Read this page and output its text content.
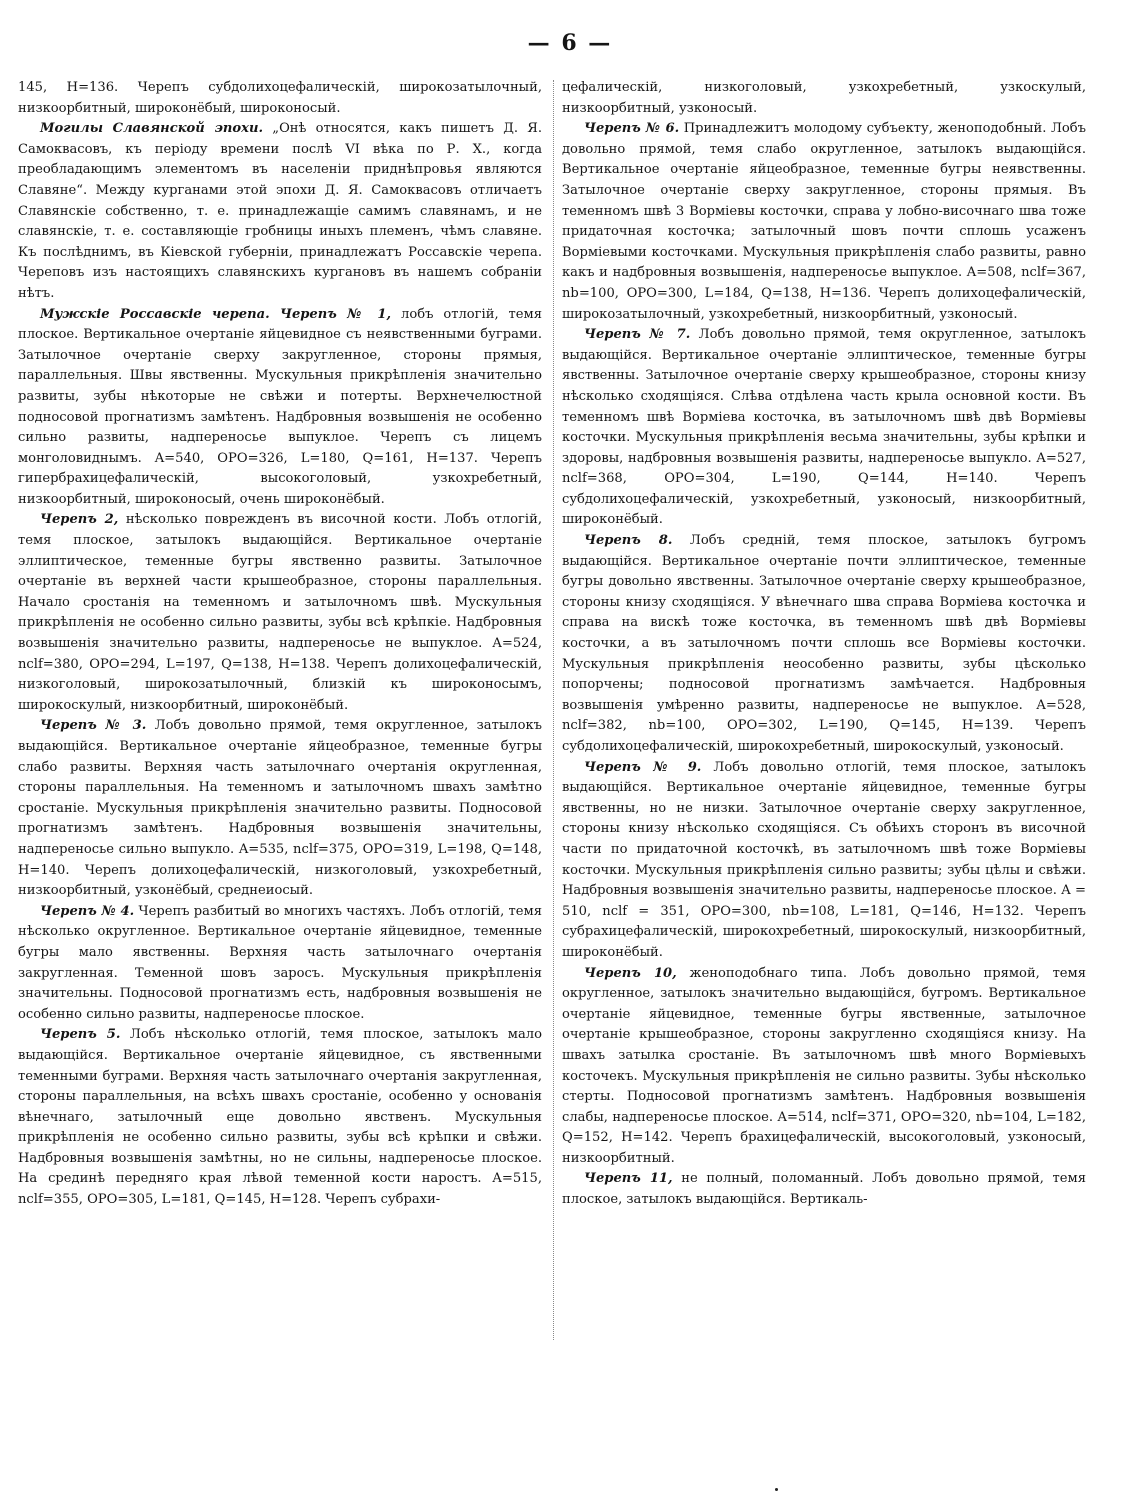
— 6 —

145, H=136. Черепъ субдолихоцефалическій, широкозатылочный, низкоорбитный, широконёбый, широконосый.

Могилы Славянской эпохи. „Онѣ относятся, какъ пишетъ Д. Я. Самоквасовъ, къ періоду времени послѣ VI вѣка по Р. Х., когда преобладающимъ элементомъ въ населеніи приднѣпровья являются Славяне“. Между курганами этой эпохи Д. Я. Самоквасовъ отличаетъ Славянскіе собственно, т. е. принадлежащіе самимъ славянамъ, и не славянскіе, т. е. составляющіе гробницы иныхъ племенъ, чѣмъ славяне. Къ послѣднимъ, въ Кіевской губерніи, принадлежатъ Россавскіе черепа. Череповъ изъ настоящихъ славянскихъ кургановъ въ нашемъ собраніи нѣтъ.

Мужскіе Россавскіе черепа. Черепъ № 1, лобъ отлогій, темя плоское. Вертикальное очертаніе яйцевидное съ неявственными буграми. Затылочное очертаніе сверху закругленное, стороны прямыя, параллельныя. Швы явственны. Мускульныя прикрѣпленія значительно развиты, зубы нѣкоторые не свѣжи и потерты. Верхнечелюстной подносовой прогнатизмъ замѣтенъ. Надбровныя возвышенія не особенно сильно развиты, надпереносье выпуклое. Черепъ съ лицемъ монголовиднымъ. A=540, OPO=326, L=180, Q=161, H=137. Черепъ гипербрахицефалическій, высокоголовый, узкохребетный, низкоорбитный, широконосый, очень широконёбый.

Черепъ 2, нѣсколько поврежденъ въ височной кости. Лобъ отлогій, темя плоское, затылокъ выдающійся. Вертикальное очертаніе эллиптическое, теменные бугры явственно развиты. Затылочное очертаніе въ верхней части крышеобразное, стороны параллельныя. Начало сростанія на теменномъ и затылочномъ швѣ. Мускульныя прикрѣпленія не особенно сильно развиты, зубы всѣ крѣпкіе. Надбровныя возвышенія значительно развиты, надпереносье не выпуклое. A=524, nclf=380, OPO=294, L=197, Q=138, H=138. Черепъ долихоцефалическій, низкоголовый, широкозатылочный, близкій къ широконосымъ, широкоскулый, низкоорбитный, широконёбый.

Черепъ № 3. Лобъ довольно прямой, темя округленное, затылокъ выдающійся. Вертикальное очертаніе яйцеобразное, теменные бугры слабо развиты. Верхняя часть затылочнаго очертанія округленная, стороны параллельныя. На теменномъ и затылочномъ швахъ замѣтно сростаніе. Мускульныя прикрѣпленія значительно развиты. Подносовой прогнатизмъ замѣтенъ. Надбровныя возвышенія значительны, надпереносье сильно выпукло. A=535, nclf=375, OPO=319, L=198, Q=148, H=140. Черепъ долихоцефалическій, низкоголовый, узкохребетный, низкоорбитный, узконёбый, среднеиосый.

Черепъ № 4. Черепъ разбитый во многихъ частяхъ. Лобъ отлогій, темя нѣсколько округленное. Вертикальное очертаніе яйцевидное, теменные бугры мало явственны. Верхняя часть затылочнаго очертанія закругленная. Теменной шовъ заросъ. Мускульныя прикрѣпленія значительны. Подносовой прогнатизмъ есть, надбровныя возвышенія не особенно сильно развиты, надпереносье плоское.

Черепъ 5. Лобъ нѣсколько отлогій, темя плоское, затылокъ мало выдающійся. Вертикальное очертаніе яйцевидное, съ явственными теменными буграми. Верхняя часть затылочнаго очертанія закругленная, стороны параллельныя, на всѣхъ швахъ сростаніе, особенно у основанія вѣнечнаго, затылочный еще довольно явственъ. Мускульныя прикрѣпленія не особенно сильно развиты, зубы всѣ крѣпки и свѣжи. Надбровныя возвышенія замѣтны, но не сильны, надпереносье плоское. На срединѣ передняго края лѣвой теменной кости наростъ. A=515, nclf=355, OPO=305, L=181, Q=145, H=128. Черепъ субрахи-

цефалическій, низкоголовый, узкохребетный, узкоскулый, низкоорбитный, узконосый.

Черепъ № 6. Принадлежитъ молодому субъекту, женоподобный. Лобъ довольно прямой, темя слабо округленное, затылокъ выдающійся. Вертикальное очертаніе яйцеобразное, теменные бугры неявственны. Затылочное очертаніе сверху закругленное, стороны прямыя. Въ теменномъ швѣ 3 Ворміевы косточки, справа у лобно-височнаго шва тоже придаточная косточка; затылочный шовъ почти сплошь усаженъ Ворміевыми косточками. Мускульныя прикрѣпленія слабо развиты, равно какъ и надбровныя возвышенія, надпереносье выпуклое. A=508, nclf=367, nb=100, OPO=300, L=184, Q=138, H=136. Черепъ долихоцефалическій, широкозатылочный, узкохребетный, низкоорбитный, узконосый.

Черепъ № 7. Лобъ довольно прямой, темя округленное, затылокъ выдающійся. Вертикальное очертаніе эллиптическое, теменные бугры явственны. Затылочное очертаніе сверху крышеобразное, стороны книзу нѣсколько сходящіяся. Слѣва отдѣлена часть крыла основной кости. Въ теменномъ швѣ Ворміева косточка, въ затылочномъ швѣ двѣ Ворміевы косточки. Мускульныя прикрѣпленія весьма значительны, зубы крѣпки и здоровы, надбровныя возвышенія развиты, надпереносье выпукло. A=527, nclf=368, OPO=304, L=190, Q=144, H=140. Черепъ субдолихоцефалическій, узкохребетный, узконосый, низкоорбитный, широконёбый.

Черепъ 8. Лобъ средній, темя плоское, затылокъ бугромъ выдающійся. Вертикальное очертаніе почти эллиптическое, теменные бугры довольно явственны. Затылочное очертаніе сверху крышеобразное, стороны книзу сходящіяся. У вѣнечнаго шва справа Ворміева косточка и справа на вискѣ тоже косточка, въ теменномъ швѣ двѣ Ворміевы косточки, а въ затылочномъ почти сплошь все Ворміевы косточки. Мускульныя прикрѣпленія неособенно развиты, зубы цѣсколько попорчены; подносовой прогнатизмъ замѣчается. Надбровныя возвышенія умѣренно развиты, надпереносье не выпуклое. A=528, nclf=382, nb=100, OPO=302, L=190, Q=145, H=139. Черепъ субдолихоцефалическій, широкохребетный, широкоскулый, узконосый.

Черепъ № 9. Лобъ довольно отлогій, темя плоское, затылокъ выдающійся. Вертикальное очертаніе яйцевидное, теменные бугры явственны, но не низки. Затылочное очертаніе сверху закругленное, стороны книзу нѣсколько сходящіяся. Съ обѣихъ сторонъ въ височной части по придаточной косточкѣ, въ затылочномъ швѣ тоже Ворміевы косточки. Мускульныя прикрѣпленія сильно развиты; зубы цѣлы и свѣжи. Надбровныя возвышенія значительно развиты, надпереносье плоское. A = 510, nclf = 351, OPO=300, nb=108, L=181, Q=146, H=132. Черепъ субрахицефалическій, широкохребетный, широкоскулый, низкоорбитный, широконёбый.

Черепъ 10, женоподобнаго типа. Лобъ довольно прямой, темя округленное, затылокъ значительно выдающійся, бугромъ. Вертикальное очертаніе яйцевидное, теменные бугры явственные, затылочное очертаніе крышеобразное, стороны закругленно сходящіяся книзу. На швахъ затылка сростаніе. Въ затылочномъ швѣ много Ворміевыхъ косточекъ. Мускульныя прикрѣпленія не сильно развиты. Зубы нѣсколько стерты. Подносовой прогнатизмъ замѣтенъ. Надбровныя возвышенія слабы, надпереносье плоское. A=514, nclf=371, OPO=320, nb=104, L=182, Q=152, H=142. Черепъ брахицефалическій, высокоголовый, узконосый, низкоорбитный.

Черепъ 11, не полный, поломанный. Лобъ довольно прямой, темя плоское, затылокъ выдающійся. Вертикаль-
